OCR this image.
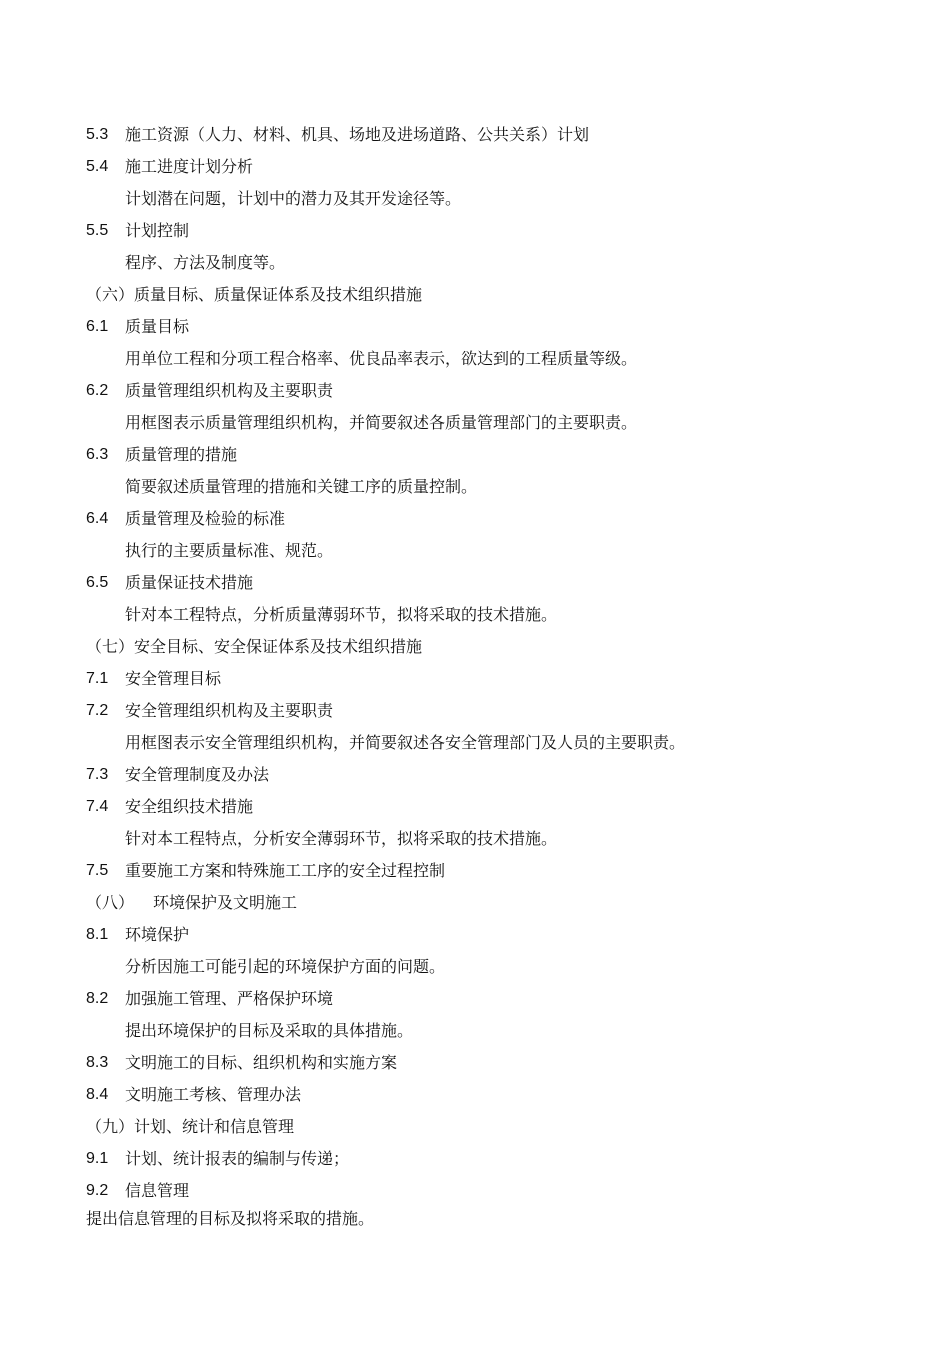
5.3 施工资源（人力、材料、机具、场地及进场道路、公共关系）计划
5.4 施工进度计划分析
计划潜在问题，计划中的潜力及其开发途径等。
5.5 计划控制
程序、方法及制度等。
（六）质量目标、质量保证体系及技术组织措施
6.1 质量目标
用单位工程和分项工程合格率、优良品率表示，欲达到的工程质量等级。
6.2 质量管理组织机构及主要职责
用框图表示质量管理组织机构，并简要叙述各质量管理部门的主要职责。
6.3 质量管理的措施
简要叙述质量管理的措施和关键工序的质量控制。
6.4 质量管理及检验的标准
执行的主要质量标准、规范。
6.5 质量保证技术措施
针对本工程特点，分析质量薄弱环节，拟将采取的技术措施。
（七）安全目标、安全保证体系及技术组织措施
7.1 安全管理目标
7.2 安全管理组织机构及主要职责
用框图表示安全管理组织机构，并简要叙述各安全管理部门及人员的主要职责。
7.3 安全管理制度及办法
7.4 安全组织技术措施
针对本工程特点，分析安全薄弱环节，拟将采取的技术措施。
7.5 重要施工方案和特殊施工工序的安全过程控制
（八） 环境保护及文明施工
8.1 环境保护
分析因施工可能引起的环境保护方面的问题。
8.2 加强施工管理、严格保护环境
提出环境保护的目标及采取的具体措施。
8.3 文明施工的目标、组织机构和实施方案
8.4 文明施工考核、管理办法
（九）计划、统计和信息管理
9.1 计划、统计报表的编制与传递；
9.2 信息管理
提出信息管理的目标及拟将采取的措施。
